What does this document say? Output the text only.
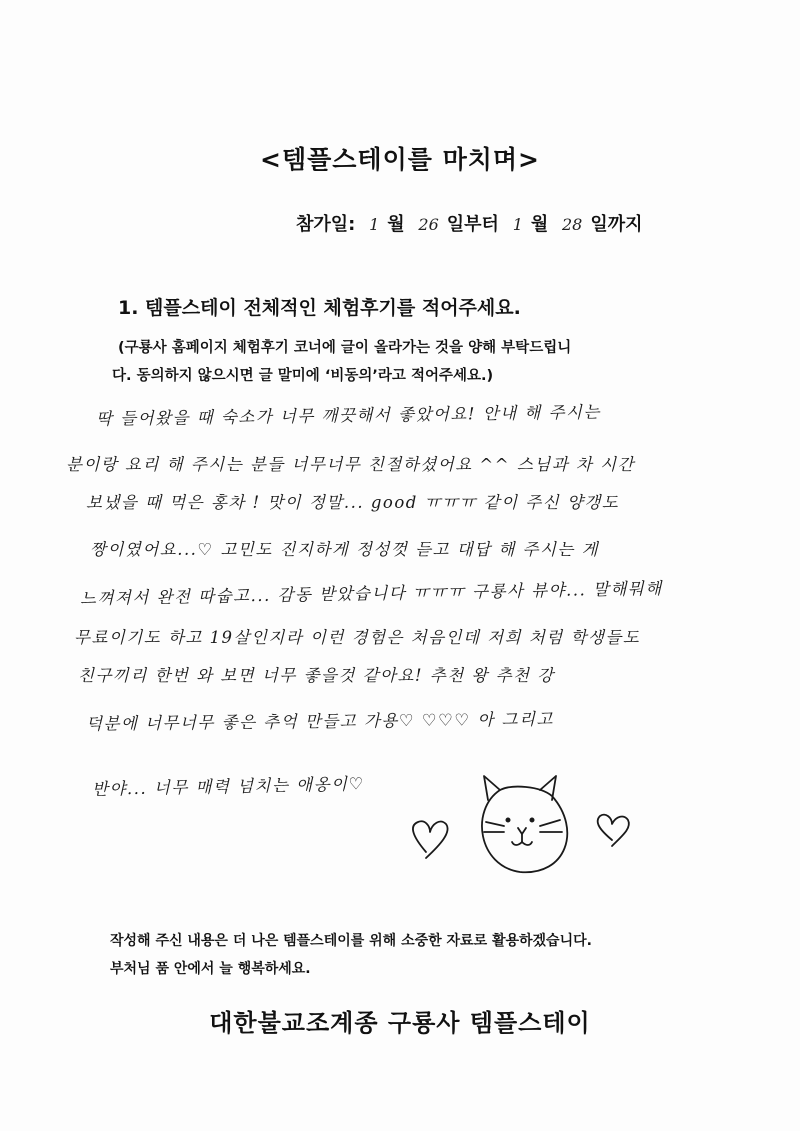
<템플스테이를 마치며>
참가일: 1 월 26 일부터 1 월 28 일까지
1. 템플스테이 전체적인 체험후기를 적어주세요.
(구룡사 홈페이지 체험후기 코너에 글이 올라가는 것을 양해 부탁드립니
다. 동의하지 않으시면 글 말미에 ‘비동의’라고 적어주세요.)
딱 들어왔을 때 숙소가 너무 깨끗해서 좋았어요! 안내 해 주시는
분이랑 요리 해 주시는 분들 너무너무 친절하셨어요 ^^ 스님과 차 시간
보냈을 때 먹은 홍차 ! 맛이 정말... good ㅠㅠㅠ 같이 주신 양갱도
짱이였어요...♡ 고민도 진지하게 정성껏 듣고 대답 해 주시는 게
느껴져서 완전 따숩고... 감동 받았습니다 ㅠㅠㅠ 구룡사 뷰야... 말해뭐해
무료이기도 하고 19살인지라 이런 경험은 처음인데 저희 처럼 학생들도
친구끼리 한번 와 보면 너무 좋을것 같아요! 추천 왕 추천 강
덕분에 너무너무 좋은 추억 만들고 가용♡ ♡♡♡ 아 그리고
반야... 너무 매력 넘치는 애옹이♡
작성해 주신 내용은 더 나은 템플스테이를 위해 소중한 자료로 활용하겠습니다.
부처님 품 안에서 늘 행복하세요.
대한불교조계종 구룡사 템플스테이
